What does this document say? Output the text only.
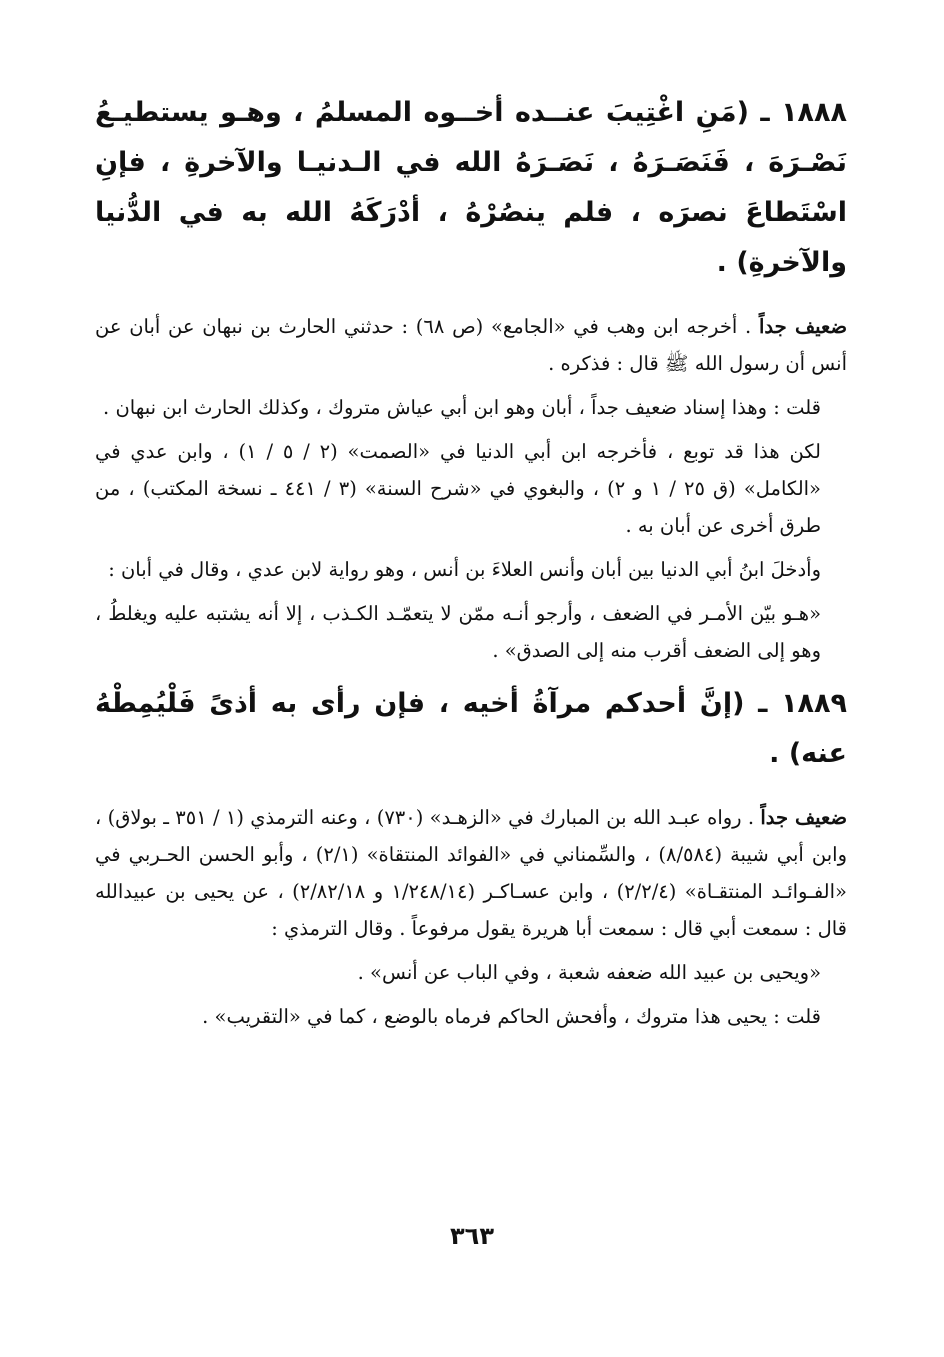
١٨٨٨ ـ (مَنِ اغْتِيبَ عنــده أخــوه المسلمُ ، وهـو يستطيـعُ نَصْـرَهَ ، فَنَصَـرَهُ ، نَصَـرَهُ الله في الـدنيـا والآخرةِ ، فإنِ اسْتَطاعَ نصرَه ، فلم ينصُرْهُ ، أدْرَكَهُ الله به في الدُّنيا والآخرةِ) .

ضعيف جداً . أخرجه ابن وهب في «الجامع» (ص ٦٨) : حدثني الحارث بن نبهان عن أبان عن أنس أن رسول الله ﷺ قال : فذكره .

قلت : وهذا إسناد ضعيف جداً ، أبان وهو ابن أبي عياش متروك ، وكذلك الحارث ابن نبهان .

لكن هذا قد توبع ، فأخرجه ابن أبي الدنيا في «الصمت» (٢ / ٥ / ١) ، وابن عدي في «الكامل» (ق ٢٥ / ١ و ٢) ، والبغوي في «شرح السنة» (٣ / ٤٤١ ـ نسخة المكتب) ، من طرق أخرى عن أبان به .

وأدخلَ ابنُ أبي الدنيا بين أبان وأنس العلاءَ بن أنس ، وهو رواية لابن عدي ، وقال في أبان :

«هـو بيّن الأمـر في الضعف ، وأرجو أنـه ممّن لا يتعمّـد الكـذب ، إلا أنه يشتبه عليه ويغلطُ ، وهو إلى الضعف أقرب منه إلى الصدق» .

١٨٨٩ ـ (إنَّ أحدكم مرآةُ أخيه ، فإن رأى به أذىً فَلْيُمِطْهُ عنه) .

ضعيف جداً . رواه عبـد الله بن المبارك في «الزهـد» (٧٣٠) ، وعنه الترمذي (١ / ٣٥١ ـ بولاق) ، وابن أبي شيبة (٨/٥٨٤) ، والسِّمناني في «الفوائد المنتقاة» (٢/١) ، وأبو الحسن الحـربي في «الفـوائـد المنتقـاة» (٢/٢/٤) ، وابن عسـاكـر (١/٢٤٨/١٤ و ٢/٨٢/١٨) ، عن يحيى بن عبيدالله قال : سمعت أبي قال : سمعت أبا هريرة يقول مرفوعاً . وقال الترمذي :

«ويحيى بن عبيد الله ضعفه شعبة ، وفي الباب عن أنس» .

قلت : يحيى هذا متروك ، وأفحش الحاكم فرماه بالوضع ، كما في «التقريب» .

٣٦٣
